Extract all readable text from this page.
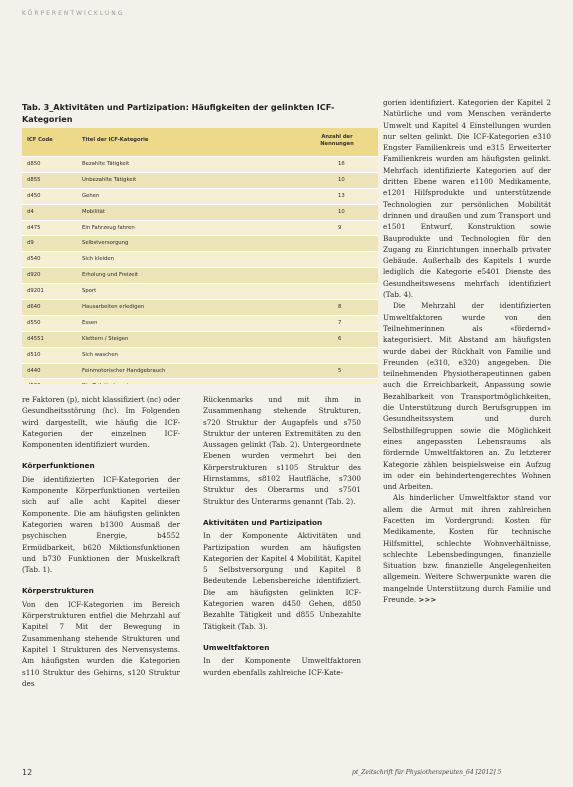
KÖRPERENTWICKLUNG
Tab. 3_Aktivitäten und Partizipation: Häufigkeiten der gelinkten ICF-Kategorien
ICF Code	Titel der ICF-Kategorie	Anzahl der Nennungen
d850	Bezahlte Tätigkeit	16
d855	Unbezahlte Tätigkeit	10
d450	Gehen	13
d4	Mobilität	10
d475	Ein Fahrzeug fahren	9
d9	Selbstversorgung
d540	Sich kleiden
d920	Erholung und Freizeit
d9201	Sport
d640	Hausarbeiten erledigen	8
d550	Essen	7
d4551	Klettern / Steigen	6
d510	Sich waschen
d440	Feinmotorischer Handgebrauch	5

re Faktoren (p), nicht klassifiziert (nc) oder Gesundheitsstörung (hc). Im Folgenden wird dargestellt, wie häufig die ICF-Kategorien der einzelnen ICF-Komponenten identifiziert wurden.

Körperfunktionen

Die identifizierten ICF-Kategorien der Komponente Körperfunktionen verteilen sich auf alle acht Kapitel dieser Komponente. Die am häufigsten gelinkten Kategorien waren b1300 Ausmaß der psychischen Energie, b4552 Ermüdbarkeit, b620 Miktionsfunktionen und b730 Funktionen der Muskelkraft (Tab. 1).

Körperstrukturen

Von den ICF-Kategorien im Bereich Körperstrukturen entfiel die Mehrzahl auf Kapitel 7 Mit der Bewegung in Zusammenhang stehende Strukturen und Kapitel 1 Strukturen des Nervensystems. Am häufigsten wurden die Kategorien s110 Struktur des Gehirns, s120 Struktur des

Rückenmarks und mit ihm in Zusammenhang stehende Strukturen, s720 Struktur der Augapfels und s750 Struktur der unteren Extremitäten zu den Aussagen gelinkt (Tab. 2). Untergeordnete Ebenen wurden vermehrt bei den Körperstrukturen s1105 Struktur des Hirnstamms, s8102 Hautfläche, s7300 Struktur des Oberarms und s7501 Struktur des Unterarms genannt (Tab. 2).

Aktivitäten und Partizipation

In der Komponente Aktivitäten und Partizipation wurden am häufigsten Kategorien der Kapitel 4 Mobilität, Kapitel 5 Selbstversorgung und Kapitel 8 Bedeutende Lebensbereiche identifiziert. Die am häufigsten gelinkten ICF-Kategorien waren d450 Gehen, d850 Bezahlte Tätigkeit und d855 Unbezahlte Tätigkeit (Tab. 3).

Umweltfaktoren

In der Komponente Umweltfaktoren wurden ebenfalls zahlreiche ICF-Kate-

gorien identifiziert. Kategorien der Kapitel 2 Natürliche und vom Menschen veränderte Umwelt und Kapitel 4 Einstellungen wurden nur selten gelinkt. Die ICF-Kategorien e310 Engster Familienkreis und e315 Erweiterter Familienkreis wurden am häufigsten gelinkt. Mehrfach identifizierte Kategorien auf der dritten Ebene waren e1100 Medikamente, e1201 Hilfsprodukte und unterstützende Technologien zur persönlichen Mobilität drinnen und draußen und zum Transport und e1501 Entwurf, Konstruktion sowie Bauprodukte und Technologien für den Zugang zu Einrichtungen innerhalb privater Gebäude. Außerhalb des Kapitels 1 wurde lediglich die Kategorie e5401 Dienste des Gesundheitswesens mehrfach identifiziert (Tab. 4).

Die Mehrzahl der identifizierten Umweltfaktoren wurde von den Teilnehmerinnen als «fördernd» kategorisiert. Mit Abstand am häufigsten wurde dabei der Rückhalt von Familie und Freunden (e310, e320) angegeben. Die teilnehmenden Physiotherapeutinnen gaben auch die Erreichbarkeit, Anpassung sowie Bezahlbarkeit von Transportmöglichkeiten, die Unterstützung durch Berufsgruppen im Gesundheitssystem und durch Selbsthilfegruppen sowie die Möglichkeit eines angepassten Lebensraums als fördernde Umweltfaktoren an. Zu letzterer Kategorie zählen beispielsweise ein Aufzug im oder ein behindertengerechtes Wohnen und Arbeiten.

Als hinderlicher Umweltfaktor stand vor allem die Armut mit ihren zahlreichen Facetten im Vordergrund: Kosten für Medikamente, Kosten für technische Hilfsmittel, schlechte Wohnverhältnisse, schlechte Lebensbedingungen, finanzielle Situation bzw. finanzielle Angelegenheiten allgemein. Weitere Schwerpunkte waren die mangelnde Unterstützung durch Familie und Freunde. >>>

12	pt_Zeitschrift für Physiotherapeuten_64 [2012] 5
